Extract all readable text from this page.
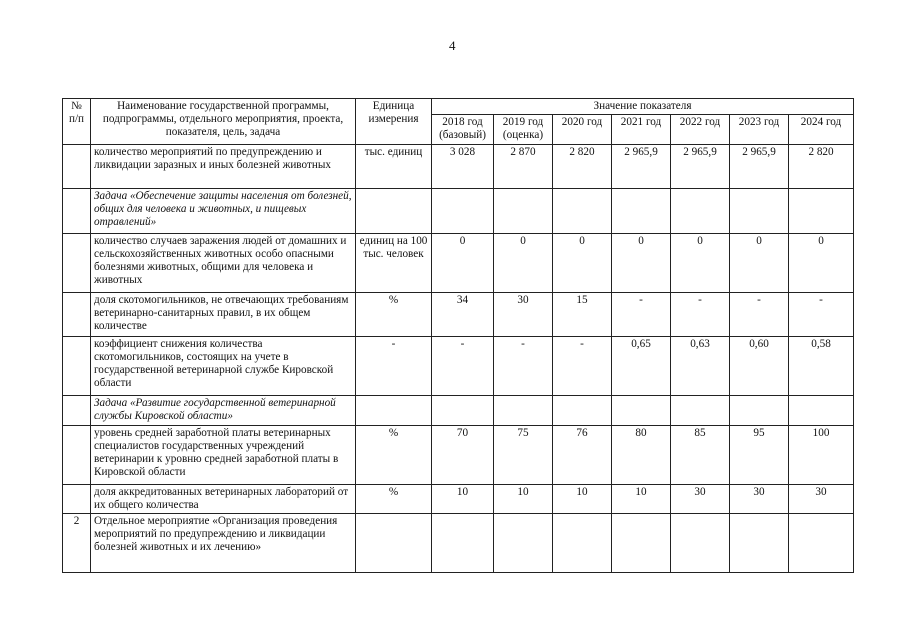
4
№ п/п	Наименование государственной программы, подпрограммы, отдельного мероприятия, проекта, показателя, цель, задача	Единица измерения	Значение показателя						
			2018 год (базовый)	2019 год (оценка)	2020 год	2021 год	2022 год	2023 год	2024 год
	количество мероприятий по предупреждению и ликвидации заразных и иных болезней животных	тыс. единиц	3 028	2 870	2 820	2 965,9	2 965,9	2 965,9	2 820
	Задача «Обеспечение защиты населения от болезней, общих для человека и животных, и пищевых отравлений»								
	количество случаев заражения людей от домашних и сельскохозяйственных животных особо опасными болезнями животных, общими для человека и животных	единиц на 100 тыс. человек	0	0	0	0	0	0	0
	доля скотомогильников, не отвечающих требованиям ветеринарно-санитарных правил, в их общем количестве	%	34	30	15	-	-	-	-
	коэффициент снижения количества скотомогильников, состоящих на учете в государственной ветеринарной службе Кировской области	-	-	-	-	0,65	0,63	0,60	0,58
	Задача «Развитие государственной ветеринарной службы Кировской области»								
	уровень средней заработной платы ветеринарных специалистов государственных учреждений ветеринарии к уровню средней заработной платы в Кировской области	%	70	75	76	80	85	95	100
	доля аккредитованных ветеринарных лабораторий от их общего количества	%	10	10	10	10	30	30	30
2	Отдельное мероприятие «Организация проведения мероприятий по предупреждению и ликвидации болезней животных и их лечению»								
